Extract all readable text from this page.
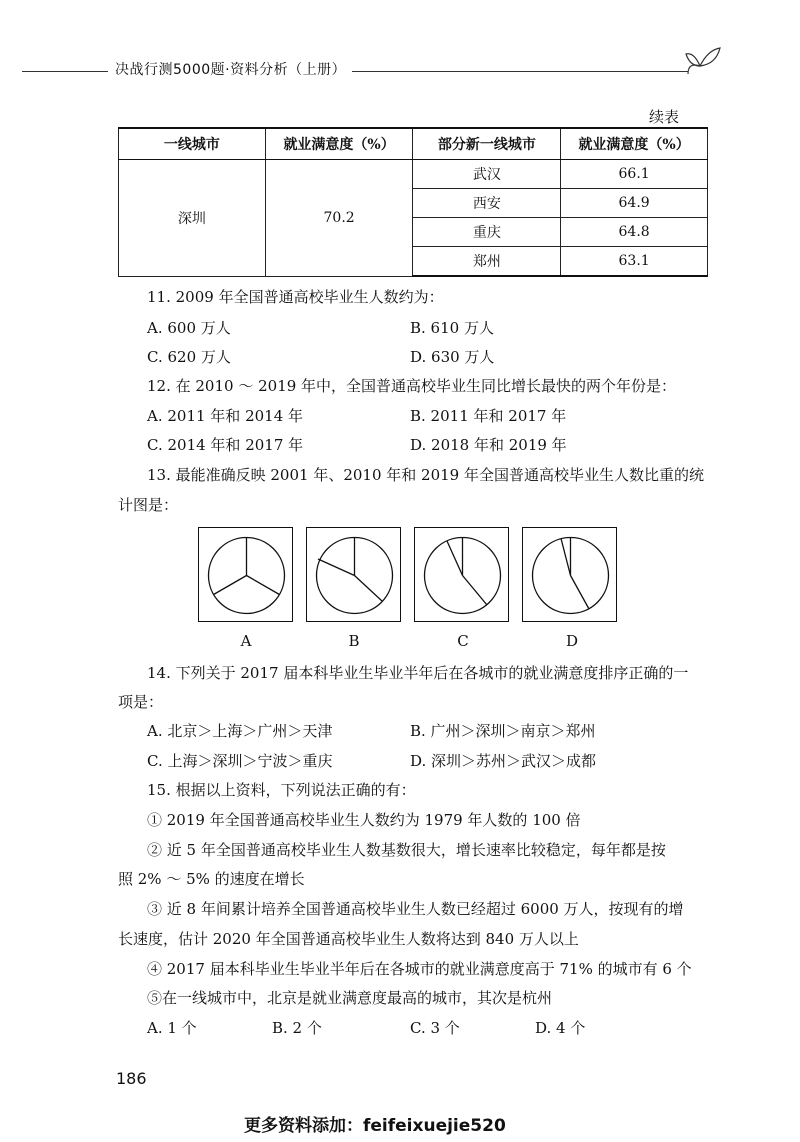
决战行测5000题·资料分析（上册）
续表
一线城市	就业满意度（%）	部分新一线城市	就业满意度（%）
深圳	70.2	武汉	66.1
		西安	64.9
		重庆	64.8
		郑州	63.1
11. 2009 年全国普通高校毕业生人数约为：
A. 600 万人	B. 610 万人
C. 620 万人	D. 630 万人
12. 在 2010 ～ 2019 年中，全国普通高校毕业生同比增长最快的两个年份是：
A. 2011 年和 2014 年	B. 2011 年和 2017 年
C. 2014 年和 2017 年	D. 2018 年和 2019 年
13. 最能准确反映 2001 年、2010 年和 2019 年全国普通高校毕业生人数比重的统
计图是：
A	B	C	D
14. 下列关于 2017 届本科毕业生毕业半年后在各城市的就业满意度排序正确的一
项是：
A. 北京＞上海＞广州＞天津	B. 广州＞深圳＞南京＞郑州
C. 上海＞深圳＞宁波＞重庆	D. 深圳＞苏州＞武汉＞成都
15. 根据以上资料，下列说法正确的有：
① 2019 年全国普通高校毕业生人数约为 1979 年人数的 100 倍
② 近 5 年全国普通高校毕业生人数基数很大，增长速率比较稳定，每年都是按
照 2% ～ 5% 的速度在增长
③ 近 8 年间累计培养全国普通高校毕业生人数已经超过 6000 万人，按现有的增
长速度，估计 2020 年全国普通高校毕业生人数将达到 840 万人以上
④ 2017 届本科毕业生毕业半年后在各城市的就业满意度高于 71% 的城市有 6 个
⑤在一线城市中，北京是就业满意度最高的城市，其次是杭州
A. 1 个	B. 2 个	C. 3 个	D. 4 个
186
更多资料添加：feifeixuejie520
